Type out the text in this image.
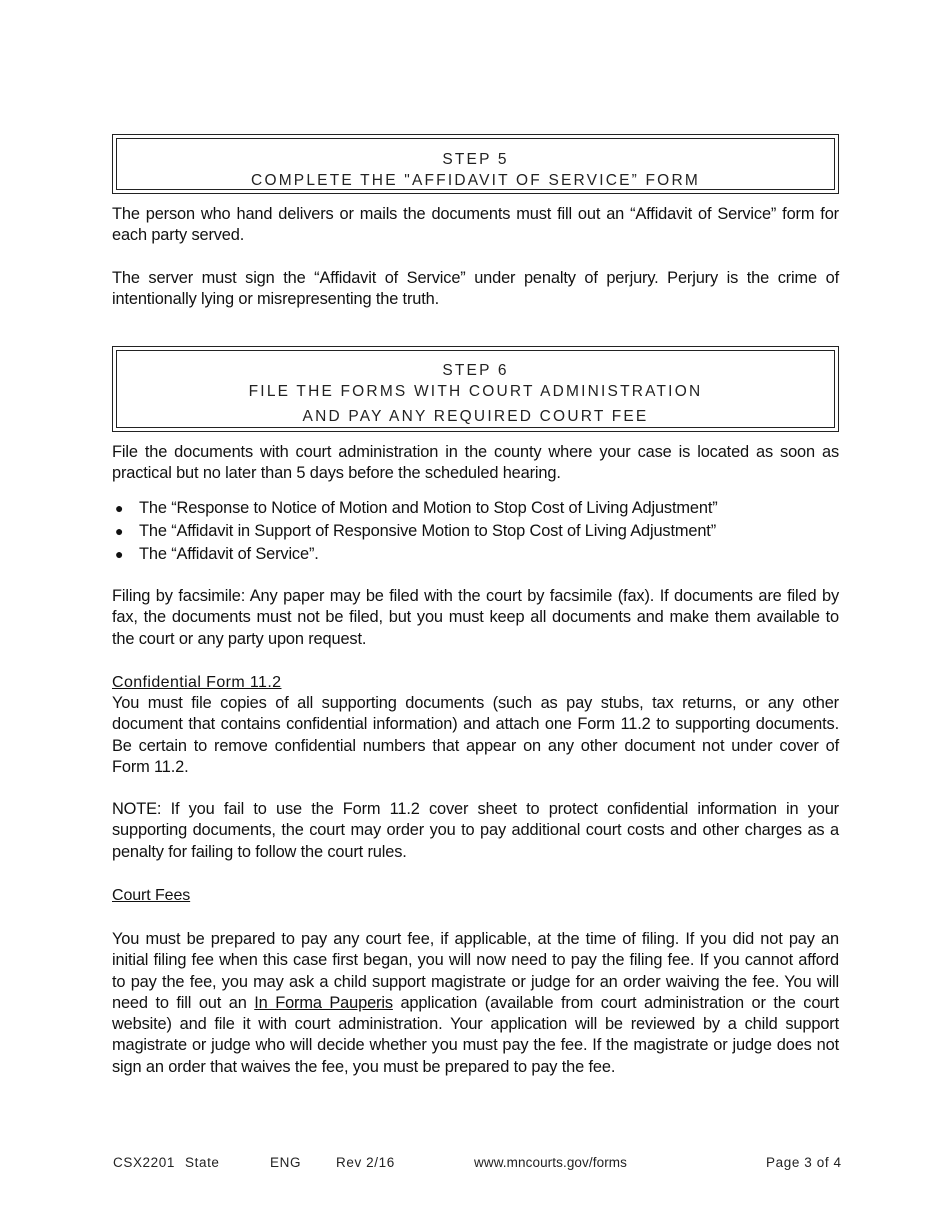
STEP 5
COMPLETE THE "AFFIDAVIT OF SERVICE” FORM

The person who hand delivers or mails the documents must fill out an “Affidavit of Service” form for each party served.

The server must sign the “Affidavit of Service” under penalty of perjury. Perjury is the crime of intentionally lying or misrepresenting the truth.

STEP 6
FILE THE FORMS WITH COURT ADMINISTRATION
AND PAY ANY REQUIRED COURT FEE

File the documents with court administration in the county where your case is located as soon as practical but no later than 5 days before the scheduled hearing.

● The “Response to Notice of Motion and Motion to Stop Cost of Living Adjustment”
● The “Affidavit in Support of Responsive Motion to Stop Cost of Living Adjustment”
● The “Affidavit of Service”.

Filing by facsimile: Any paper may be filed with the court by facsimile (fax). If documents are filed by fax, the documents must not be filed, but you must keep all documents and make them available to the court or any party upon request.

Confidential Form 11.2

You must file copies of all supporting documents (such as pay stubs, tax returns, or any other document that contains confidential information) and attach one Form 11.2 to supporting documents. Be certain to remove confidential numbers that appear on any other document not under cover of Form 11.2.

NOTE: If you fail to use the Form 11.2 cover sheet to protect confidential information in your supporting documents, the court may order you to pay additional court costs and other charges as a penalty for failing to follow the court rules.

Court Fees

You must be prepared to pay any court fee, if applicable, at the time of filing. If you did not pay an initial filing fee when this case first began, you will now need to pay the filing fee. If you cannot afford to pay the fee, you may ask a child support magistrate or judge for an order waiving the fee. You will need to fill out an In Forma Pauperis application (available from court administration or the court website) and file it with court administration. Your application will be reviewed by a child support magistrate or judge who will decide whether you must pay the fee. If the magistrate or judge does not sign an order that waives the fee, you must be prepared to pay the fee.

CSX2201 State	ENG	Rev 2/16	www.mncourts.gov/forms	Page 3 of 4
